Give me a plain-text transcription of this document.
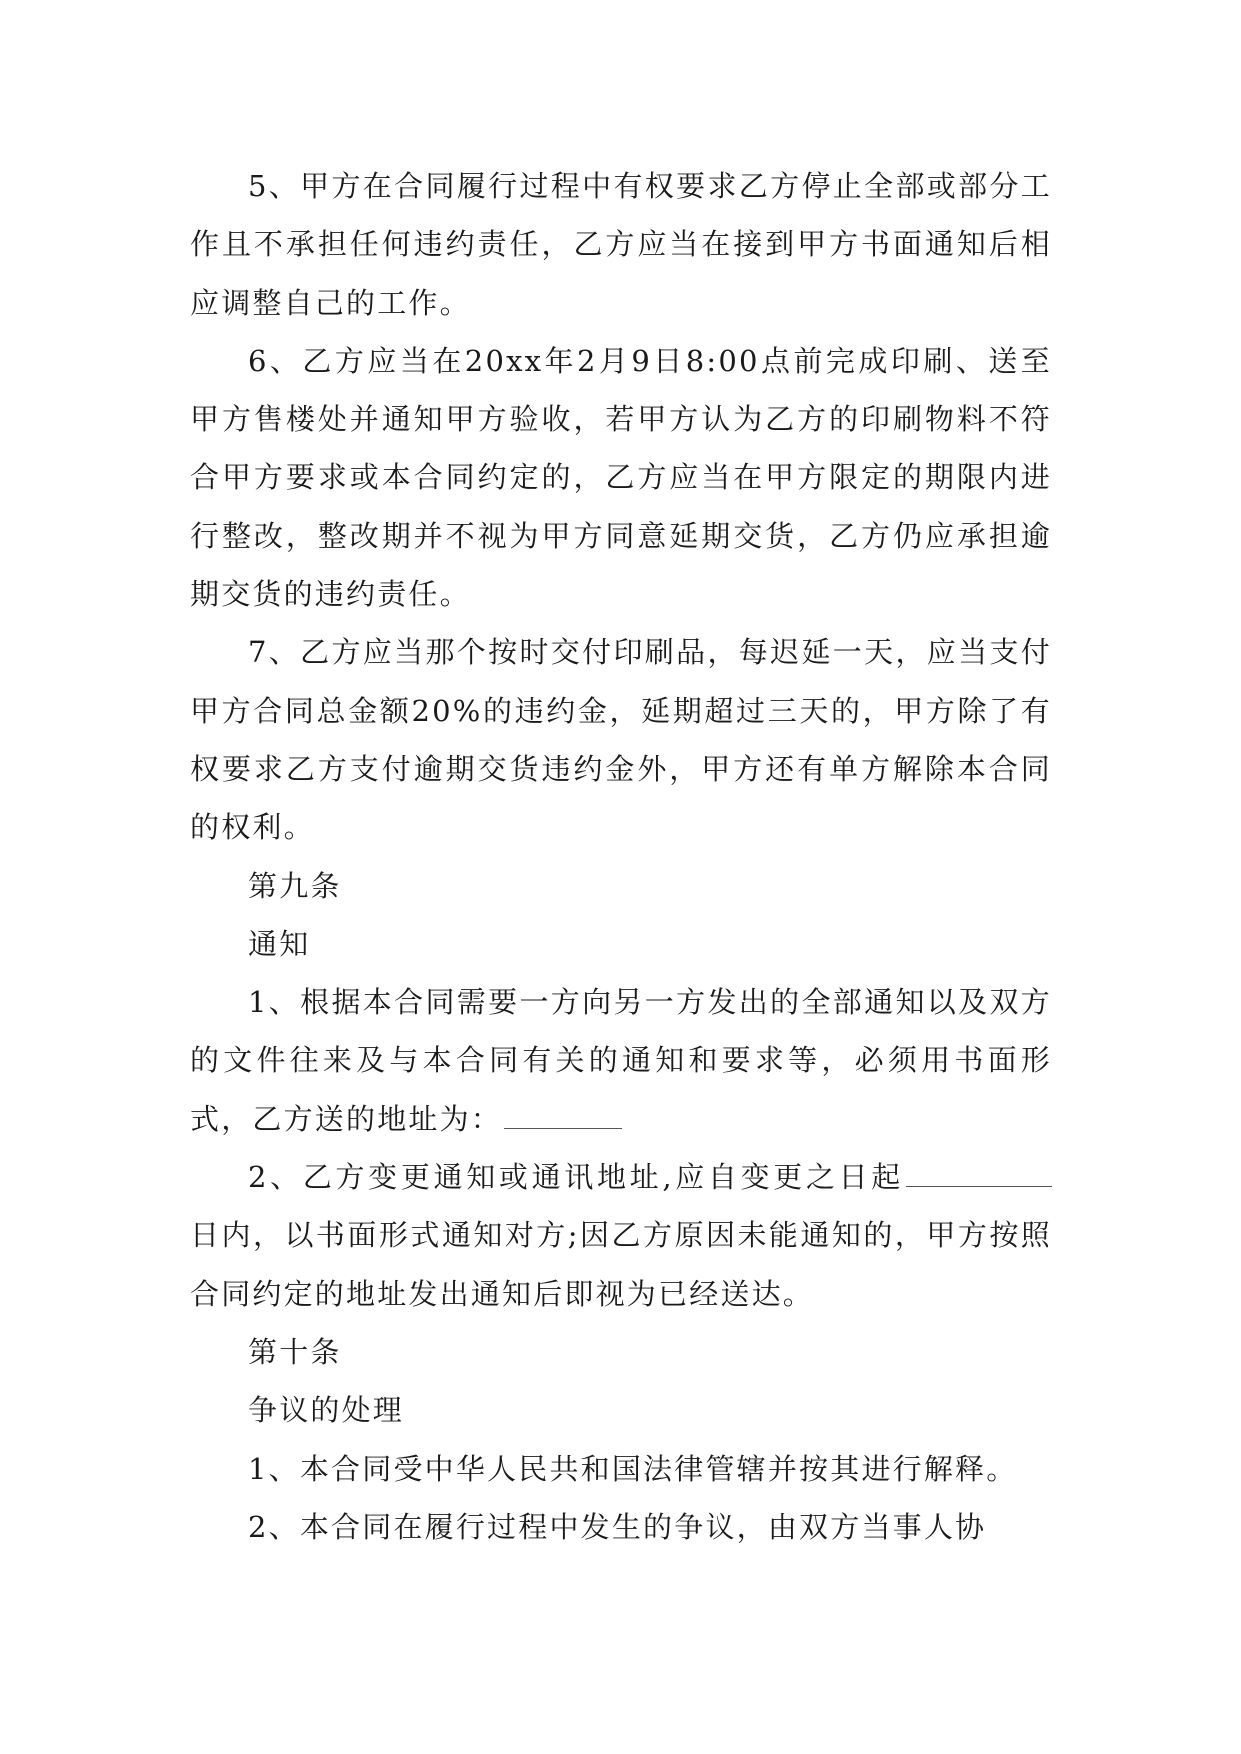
5、甲方在合同履行过程中有权要求乙方停止全部或部分工作且不承担任何违约责任，乙方应当在接到甲方书面通知后相应调整自己的工作。

6、乙方应当在20xx年2月9日8:00点前完成印刷、送至甲方售楼处并通知甲方验收，若甲方认为乙方的印刷物料不符合甲方要求或本合同约定的，乙方应当在甲方限定的期限内进行整改，整改期并不视为甲方同意延期交货，乙方仍应承担逾期交货的违约责任。

7、乙方应当那个按时交付印刷品，每迟延一天，应当支付甲方合同总金额20%的违约金，延期超过三天的，甲方除了有权要求乙方支付逾期交货违约金外，甲方还有单方解除本合同的权利。

第九条

通知

1、根据本合同需要一方向另一方发出的全部通知以及双方的文件往来及与本合同有关的通知和要求等，必须用书面形式，乙方送的地址为：

2、乙方变更通知或通讯地址,应自变更之日起日内，以书面形式通知对方;因乙方原因未能通知的，甲方按照合同约定的地址发出通知后即视为已经送达。

第十条

争议的处理

1、本合同受中华人民共和国法律管辖并按其进行解释。

2、本合同在履行过程中发生的争议，由双方当事人协
